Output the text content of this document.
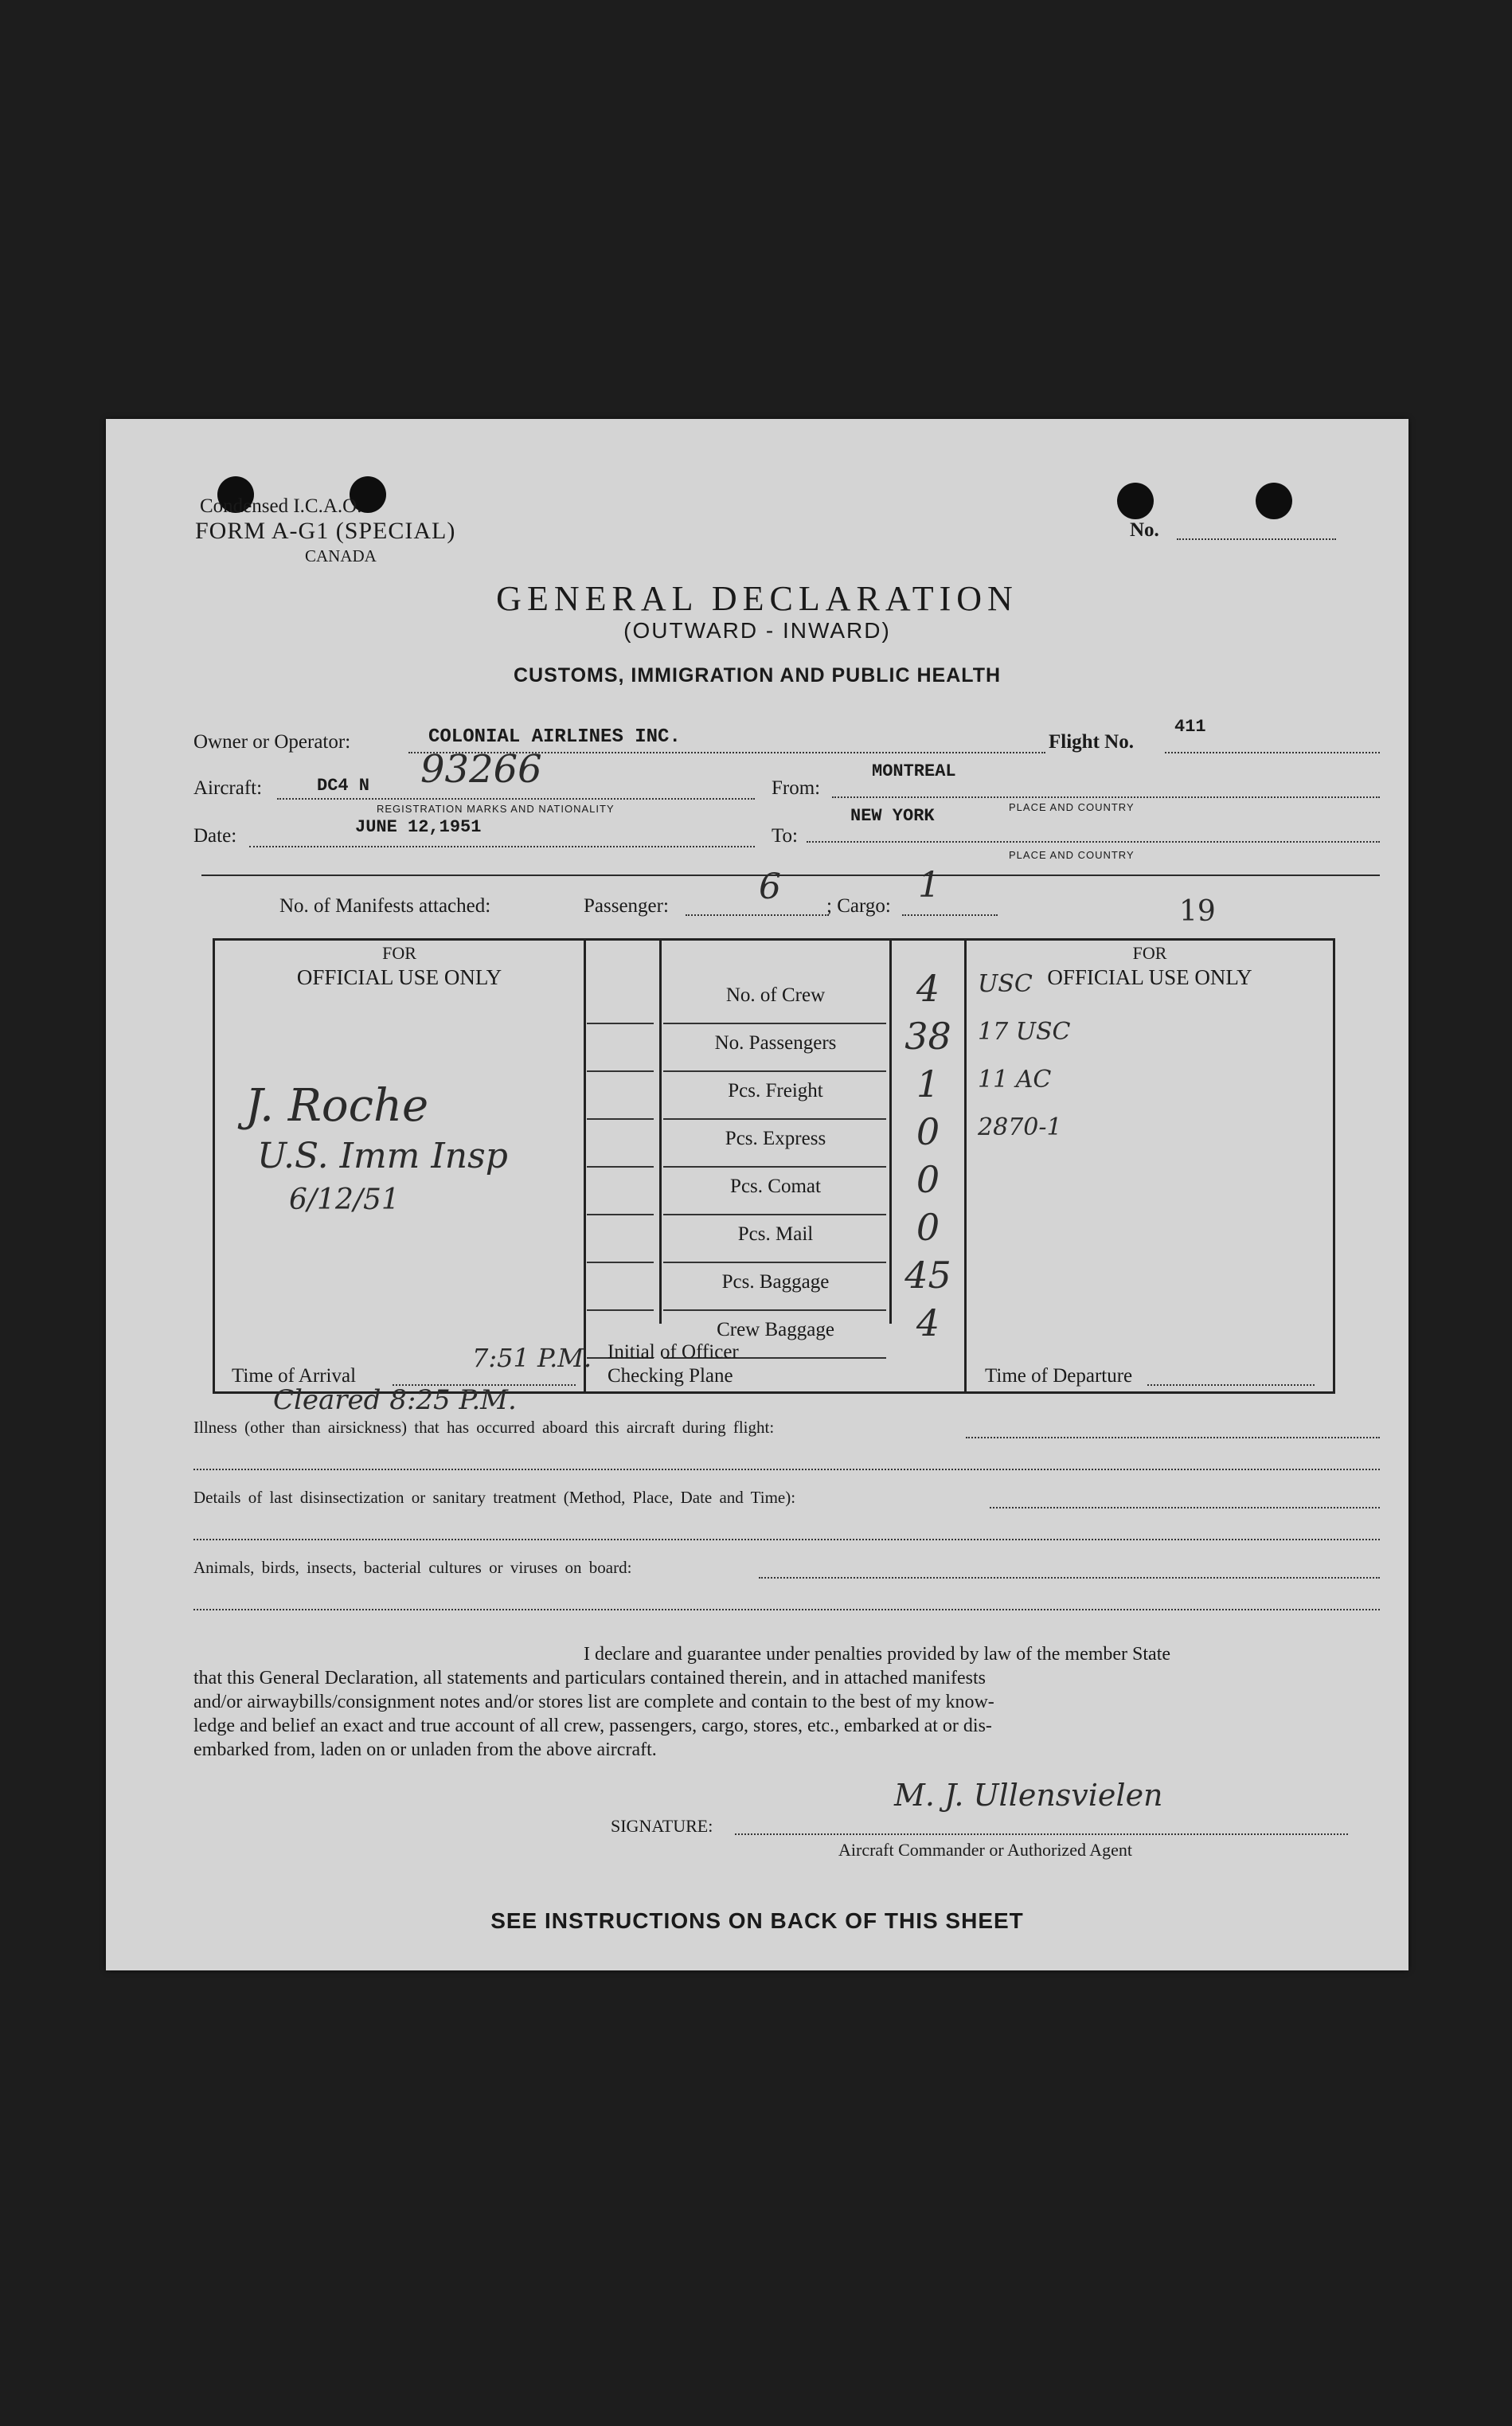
Condensed I.C.A.O.
FORM A-G1 (SPECIAL)
CANADA
No.
GENERAL DECLARATION
(OUTWARD - INWARD)
CUSTOMS, IMMIGRATION AND PUBLIC HEALTH
Owner or Operator:	COLONIAL AIRLINES INC.	Flight No.
411
Aircraft:	DC4 N 93266
REGISTRATION MARKS AND NATIONALITY
From:
MONTREAL
PLACE AND COUNTRY
Date:	JUNE 12,1951	To:
NEW YORK
PLACE AND COUNTRY
No. of Manifests attached:	Passenger:	6 ; Cargo:
1
19
FOR
OFFICIAL USE ONLY
FOR
OFFICIAL USE ONLY
No. of Crew	4	USC
No. Passengers	38	17 USC
Pcs. Freight	1	11 AC
Pcs. Express	0	2870-1
Pcs. Comat	0
Pcs. Mail	0
Pcs. Baggage	45
Crew Baggage	4
J. Roche
U.S. Imm Insp
6/12/51
Time of Arrival
7:51 P.M. Initial of Officer
Checking Plane	Time of Departure
Cleared 8:25 P.M.
Illness (other than airsickness) that has occurred aboard this aircraft during flight:
Details of last disinsectization or sanitary treatment (Method, Place, Date and Time):
Animals, birds, insects, bacterial cultures or viruses on board:
I declare and guarantee under penalties provided by law of the member State
that this General Declaration, all statements and particulars contained therein, and in attached manifests
and/or airwaybills/consignment notes and/or stores list are complete and contain to the best of my know-
ledge and belief an exact and true account of all crew, passengers, cargo, stores, etc., embarked at or dis-
embarked from, laden on or unladen from the above aircraft.
SIGNATURE:
M. J. Ullensvielen
Aircraft Commander or Authorized Agent
SEE INSTRUCTIONS ON BACK OF THIS SHEET
